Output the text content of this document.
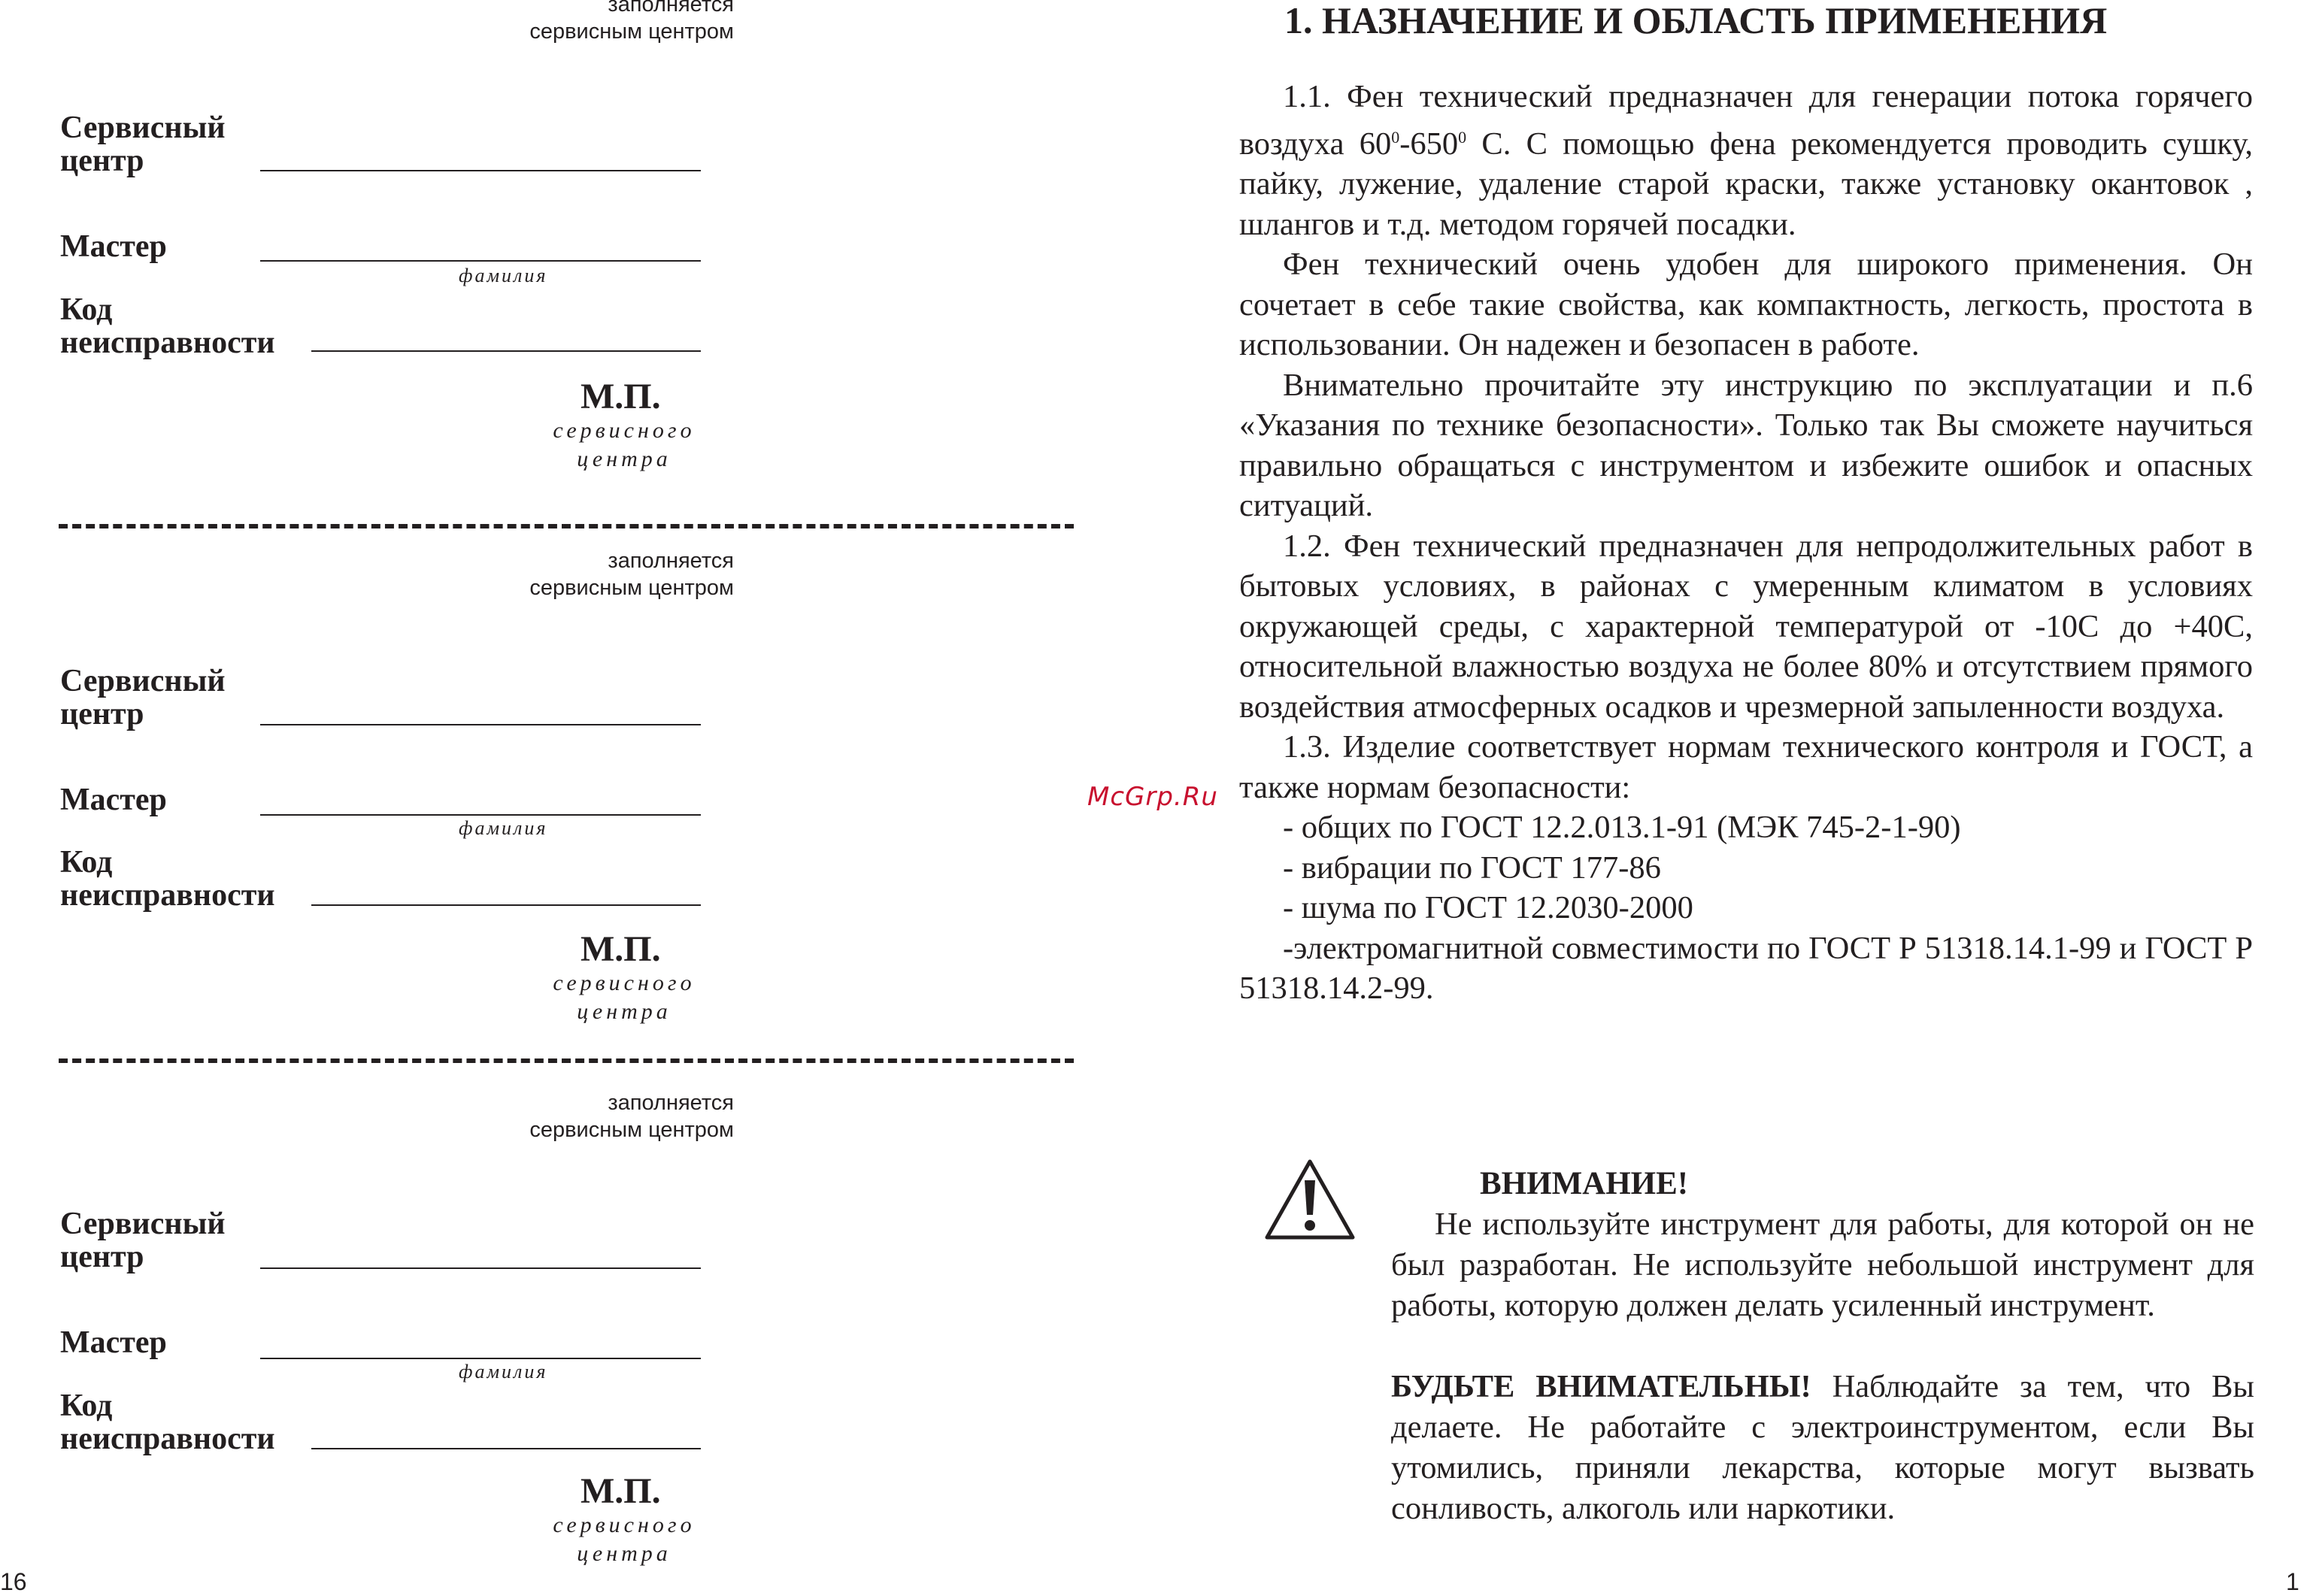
заполняется
сервисным центром
Сервисный
центр
Мастер
фамилия
Код
неисправности
М.П.
сервисного
центра
заполняется
сервисным центром
Сервисный
центр
Мастер
фамилия
Код
неисправности
М.П.
сервисного
центра
заполняется
сервисным центром
Сервисный
центр
Мастер
фамилия
Код
неисправности
М.П.
сервисного
центра
16
McGrp.Ru
1. НАЗНАЧЕНИЕ И ОБЛАСТЬ ПРИМЕНЕНИЯ

1.1. Фен технический предназначен для генерации потока горячего воздуха $60^0-650^0$ С. С помощью фена рекомендуется проводить сушку, пайку, лужение, удаление старой краски, также установку окантовок , шлангов и т.д. методом горячей посадки.

Фен технический очень удобен для широкого применения. Он сочетает в себе такие свойства, как компактность, легкость, простота в использовании. Он надежен и безопасен в работе.

Внимательно прочитайте эту инструкцию по эксплуатации и п.6 «Указания по технике безопасности». Только так Вы сможете научиться правильно обращаться с инструментом и избежите ошибок и опасных ситуаций.

1.2. Фен технический предназначен для непродолжительных работ в бытовых условиях, в районах с умеренным климатом в условиях окружающей среды, с характерной температурой от -10С до +40С, относительной влажностью воздуха не более 80% и отсутствием прямого воздействия атмосферных осадков и чрезмерной запыленности воздуха.

1.3. Изделие соответствует нормам технического контроля и ГОСТ, а также нормам безопасности:

- общих по ГОСТ 12.2.013.1-91 (МЭК 745-2-1-90)

- вибрации по ГОСТ 177-86

- шума по ГОСТ 12.2030-2000

-электромагнитной совместимости по ГОСТ Р 51318.14.1-99 и ГОСТ Р 51318.14.2-99.

ВНИМАНИЕ!

Не используйте инструмент для работы, для которой он не был разработан. Не используйте небольшой инструмент для работы, которую должен делать усиленный инструмент.

БУДЬТЕ ВНИМАТЕЛЬНЫ! Наблюдайте за тем, что Вы делаете. Не работайте с электроинструментом, если Вы утомились, приняли лекарства, которые могут вызвать сонливость, алкоголь или наркотики.

1
